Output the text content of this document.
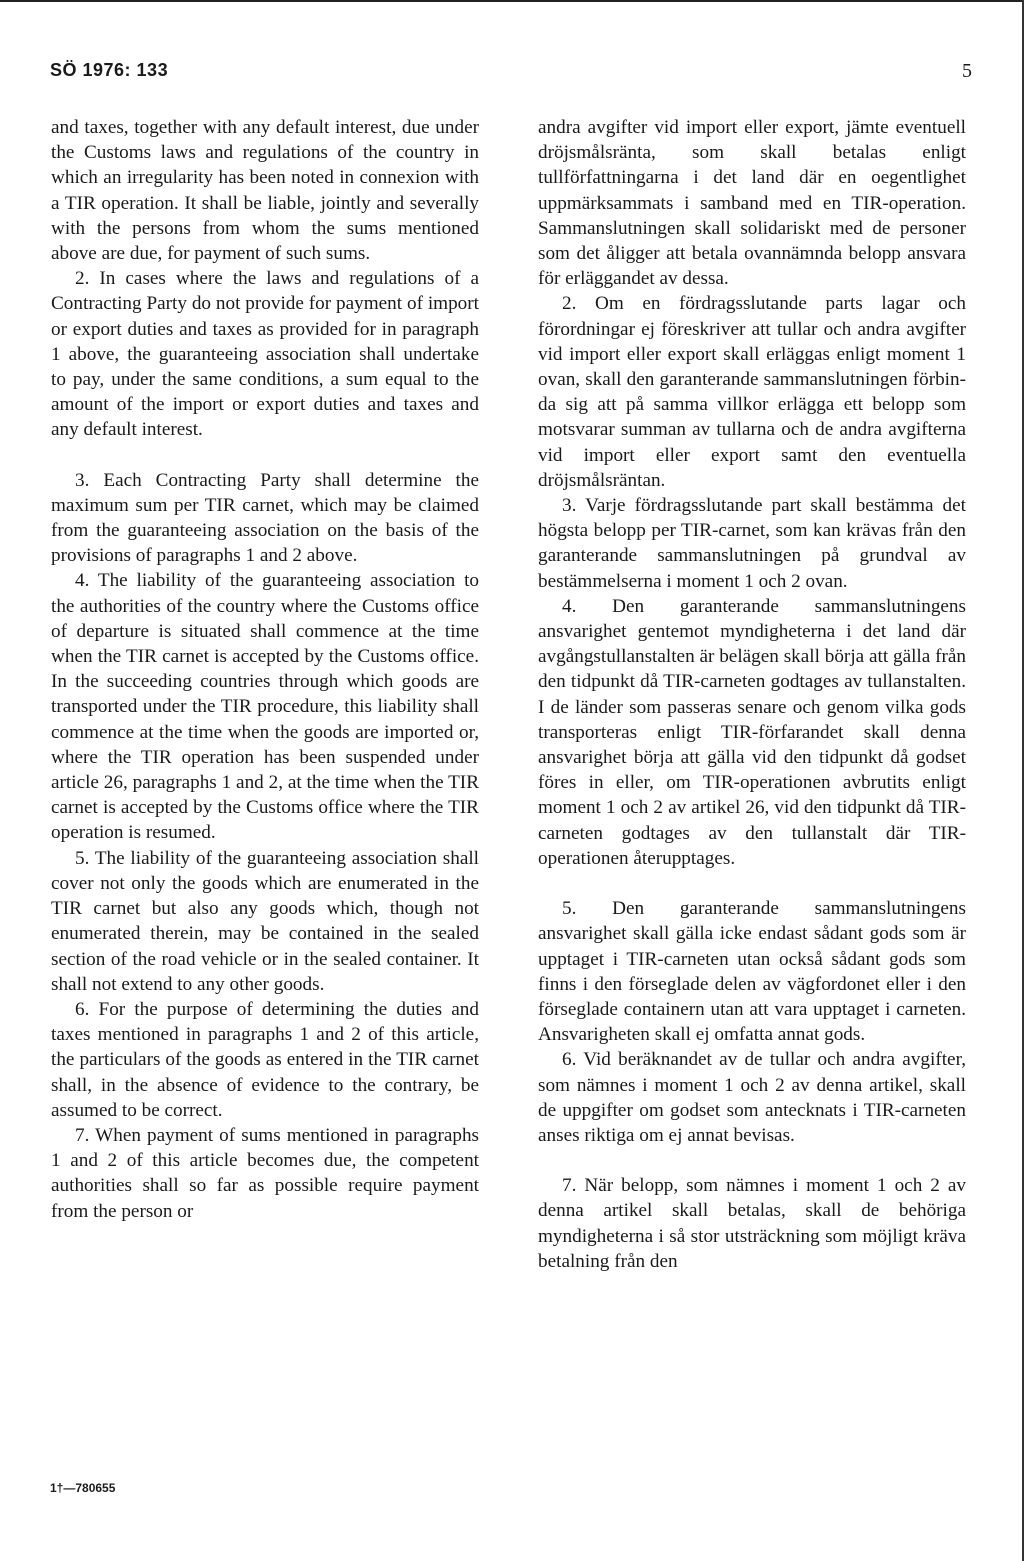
SÖ 1976: 133	5

and taxes, together with any default interest, due under the Customs laws and regulations of the country in which an irregularity has been noted in connexion with a TIR operation. It shall be liable, jointly and severally with the persons from whom the sums mentioned above are due, for payment of such sums.

2. In cases where the laws and regulations of a Contracting Party do not provide for payment of import or export duties and taxes as provided for in paragraph 1 above, the guaranteeing association shall undertake to pay, under the same conditions, a sum equal to the amount of the import or export duties and taxes and any default interest.

3. Each Contracting Party shall determine the maximum sum per TIR carnet, which may be claimed from the guaranteeing association on the basis of the provisions of paragraphs 1 and 2 above.

4. The liability of the guaranteeing association to the authorities of the country where the Customs office of departure is situated shall commence at the time when the TIR carnet is accepted by the Customs office. In the succeeding countries through which goods are transported under the TIR procedure, this liability shall commence at the time when the goods are imported or, where the TIR operation has been suspended under article 26, paragraphs 1 and 2, at the time when the TIR carnet is accepted by the Customs office where the TIR operation is resumed.

5. The liability of the guaranteeing association shall cover not only the goods which are enumerated in the TIR carnet but also any goods which, though not enumerated therein, may be contained in the sealed section of the road vehicle or in the sealed container. It shall not extend to any other goods.

6. For the purpose of determining the duties and taxes mentioned in paragraphs 1 and 2 of this article, the particulars of the goods as entered in the TIR carnet shall, in the absence of evidence to the contrary, be assumed to be correct.

7. When payment of sums mentioned in paragraphs 1 and 2 of this article becomes due, the competent authorities shall so far as possible require payment from the person or

andra avgifter vid import eller export, jämte eventuell dröjsmålsränta, som skall betalas enligt tullförfattningarna i det land där en oegentlighet uppmärksammats i samband med en TIR-operation. Sammanslutningen skall solidariskt med de personer som det åligger att betala ovannämnda belopp ansvara för erläggandet av dessa.

2. Om en fördragsslutande parts lagar och förordningar ej föreskriver att tullar och andra avgifter vid import eller export skall erläggas enligt moment 1 ovan, skall den garanterande sammanslutningen förbinda sig att på samma villkor erlägga ett belopp som motsvarar summan av tullarna och de andra avgifterna vid import eller export samt den eventuella dröjsmålsräntan.

3. Varje fördragsslutande part skall bestämma det högsta belopp per TIR-carnet, som kan krävas från den garanterande sammanslutningen på grundval av bestämmelserna i moment 1 och 2 ovan.

4. Den garanterande sammanslutningens ansvarighet gentemot myndigheterna i det land där avgångstullanstalten är belägen skall börja att gälla från den tidpunkt då TIR-carneten godtages av tullanstalten. I de länder som passeras senare och genom vilka gods transporteras enligt TIR-förfarandet skall denna ansvarighet börja att gälla vid den tidpunkt då godset föres in eller, om TIR-operationen avbrutits enligt moment 1 och 2 av artikel 26, vid den tidpunkt då TIR-carneten godtages av den tullanstalt där TIR-operationen återupptages.

5. Den garanterande sammanslutningens ansvarighet skall gälla icke endast sådant gods som är upptaget i TIR-carneten utan också sådant gods som finns i den förseglade delen av vägfordonet eller i den förseglade containern utan att vara upptaget i carneten. Ansvarigheten skall ej omfatta annat gods.

6. Vid beräknandet av de tullar och andra avgifter, som nämnes i moment 1 och 2 av denna artikel, skall de uppgifter om godset som antecknats i TIR-carneten anses riktiga om ej annat bevisas.

7. När belopp, som nämnes i moment 1 och 2 av denna artikel skall betalas, skall de behöriga myndigheterna i så stor utsträckning som möjligt kräva betalning från den

1†—780655
